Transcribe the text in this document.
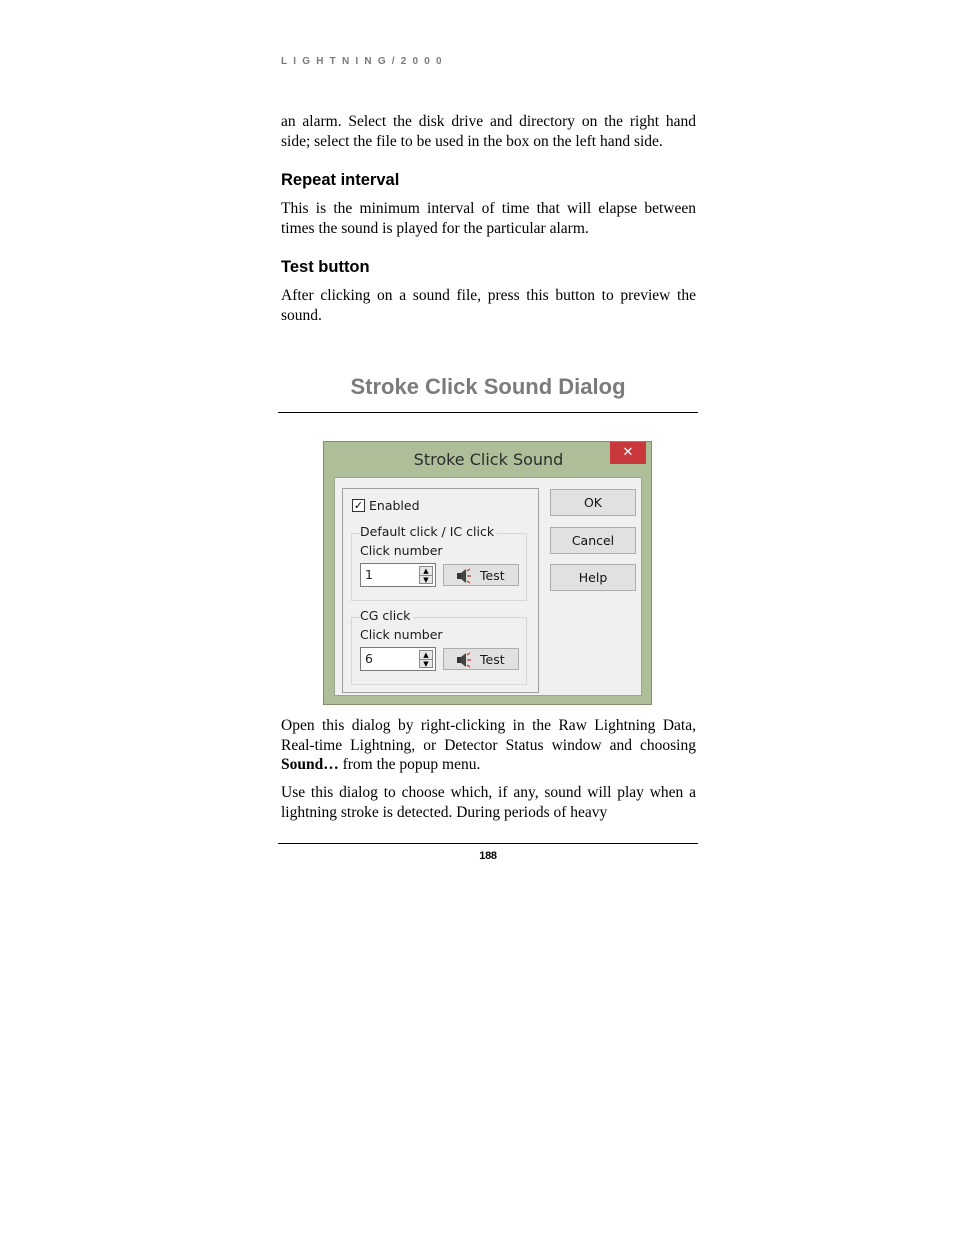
LIGHTNING/2000
an alarm. Select the disk drive and directory on the right hand side; select the file to be used in the box on the left hand side.
Repeat interval
This is the minimum interval of time that will elapse between times the sound is played for the particular alarm.
Test button
After clicking on a sound file, press this button to preview the sound.
Stroke Click Sound Dialog
Stroke Click Sound	✕
✓ Enabled
Default click / IC click
Click number
1	▲
▼	Test
CG click
Click number
6	▲
▼	Test
OK
Cancel
Help
Open this dialog by right-clicking in the Raw Lightning Data, Real-time Lightning, or Detector Status window and choosing Sound… from the popup menu.
Use this dialog to choose which, if any, sound will play when a lightning stroke is detected. During periods of heavy
188
